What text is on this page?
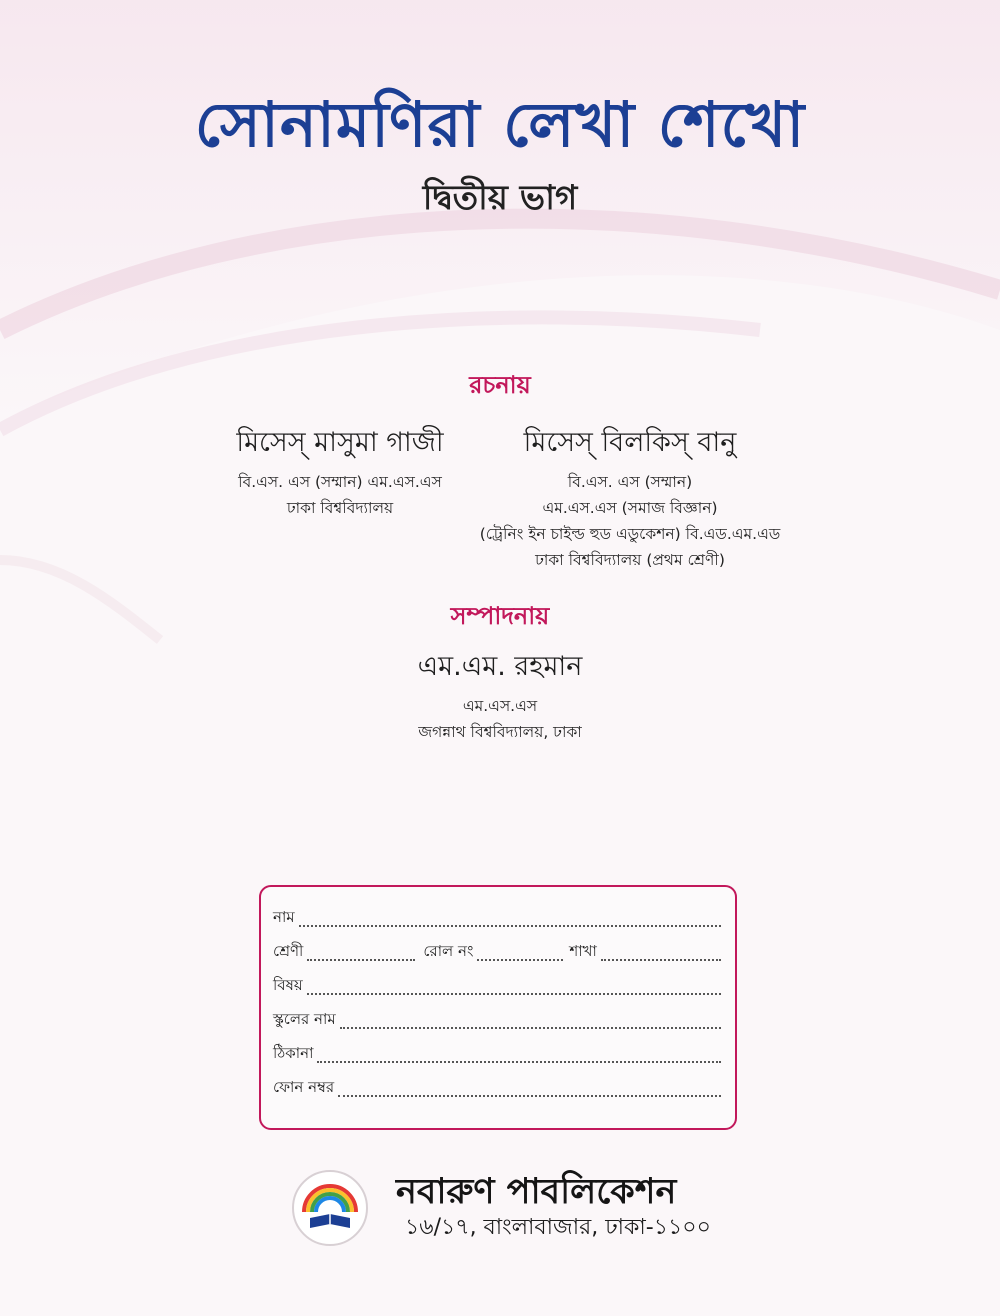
সোনামণিরা লেখা শেখো
দ্বিতীয় ভাগ
রচনায়
মিসেস্ মাসুমা গাজী
বি.এস. এস (সম্মান) এম.এস.এস
ঢাকা বিশ্ববিদ্যালয়
মিসেস্ বিলকিস্ বানু
বি.এস. এস (সম্মান)
এম.এস.এস (সমাজ বিজ্ঞান)
(ট্রেনিং ইন চাইল্ড হুড এডুকেশন) বি.এড.এম.এড
ঢাকা বিশ্ববিদ্যালয় (প্রথম শ্রেণী)
সম্পাদনায়
এম.এম. রহমান
এম.এস.এস
জগন্নাথ বিশ্ববিদ্যালয়, ঢাকা
নাম
শ্রেণী	রোল নং	শাখা
বিষয়
স্কুলের নাম
ঠিকানা
ফোন নম্বর
নবারুণ পাবলিকেশন
১৬/১৭, বাংলাবাজার, ঢাকা-১১০০
